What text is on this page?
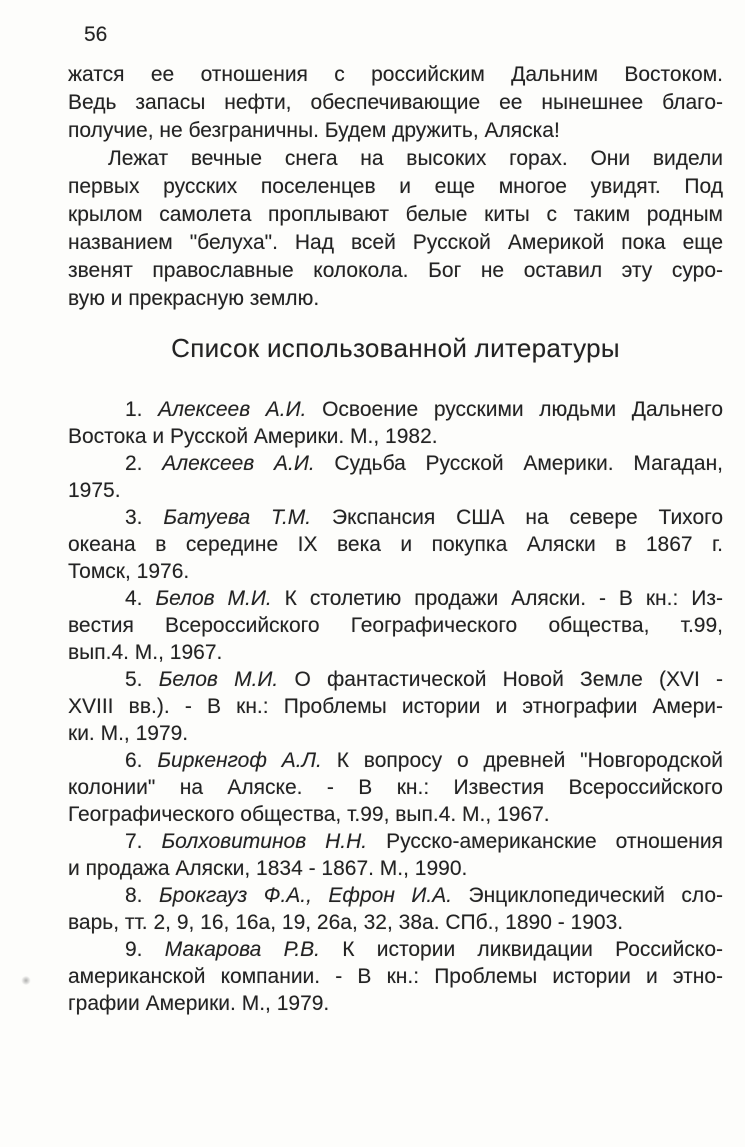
56
жатся ее отношения с российским Дальним Востоком.
Ведь запасы нефти, обеспечивающие ее нынешнее благо-
получие, не безграничны. Будем дружить, Аляска!
Лежат вечные снега на высоких горах. Они видели
первых русских поселенцев и еще многое увидят. Под
крылом самолета проплывают белые киты с таким родным
названием "белуха". Над всей Русской Америкой пока еще
звенят православные колокола. Бог не оставил эту суро-
вую и прекрасную землю.
Список использованной литературы
1. Алексеев А.И. Освоение русскими людьми Дальнего
Востока и Русской Америки. М., 1982.
2. Алексеев А.И. Судьба Русской Америки. Магадан,
1975.
3. Батуева Т.М. Экспансия США на севере Тихого
океана в середине IX века и покупка Аляски в 1867 г.
Томск, 1976.
4. Белов М.И. К столетию продажи Аляски. - В кн.: Из-
вестия Всероссийского Географического общества, т.99,
вып.4. М., 1967.
5. Белов М.И. О фантастической Новой Земле (XVI -
XVIII вв.). - В кн.: Проблемы истории и этнографии Амери-
ки. М., 1979.
6. Биркенгоф А.Л. К вопросу о древней "Новгородской
колонии" на Аляске. - В кн.: Известия Всероссийского
Географического общества, т.99, вып.4. М., 1967.
7. Болховитинов Н.Н. Русско-американские отношения
и продажа Аляски, 1834 - 1867. М., 1990.
8. Брокгауз Ф.А., Ефрон И.А. Энциклопедический сло-
варь, тт. 2, 9, 16, 16а, 19, 26а, 32, 38а. СПб., 1890 - 1903.
9. Макарова Р.В. К истории ликвидации Российско-
американской компании. - В кн.: Проблемы истории и этно-
графии Америки. М., 1979.
